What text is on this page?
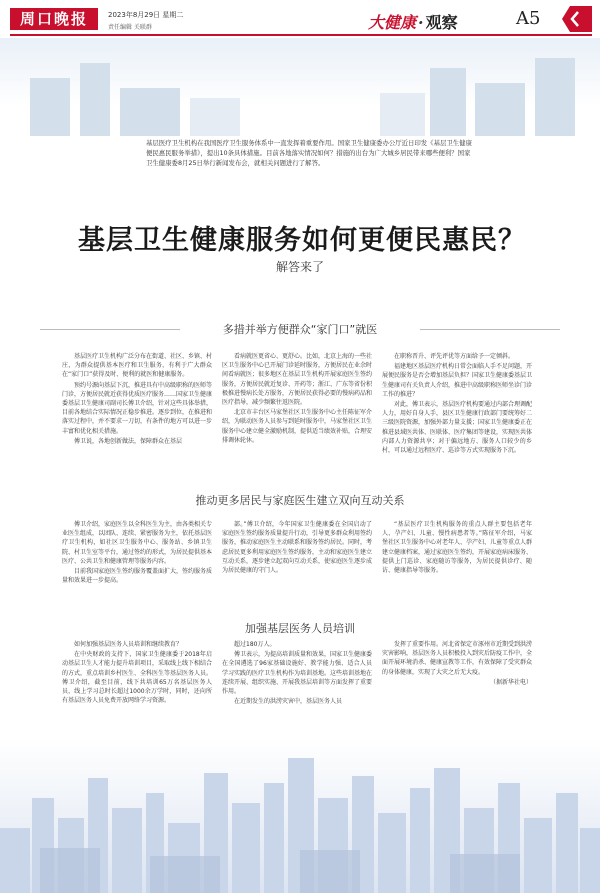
周口晚报	2023年8月29日 星期二
责任编辑 关联群	大健康 · 观察	A5
基层医疗卫生机构在我国医疗卫生服务体系中一直发挥着重要作用。国家卫生健康委办公厅近日印发《基层卫生健康便民惠民服务举措》，提出10条具体措施。目前各地落实情况如何？措施的出台为广大城乡居民带来哪些便利？国家卫生健康委8月25日举行新闻发布会，就相关问题进行了解答。
基层卫生健康服务如何更便民惠民？
解答来了
多措并举方便群众“家门口”就医

基层医疗卫生机构广泛分布在街道、社区、乡镇、村庄，为群众提供基本医疗和卫生服务，有利于广大群众在“家门口”获得及时、便利的就医和健康服务。

预约号源向基层下沉，推进具有中高级职称的医师等门诊，方便居民就近获得优质医疗服务……国家卫生健康委基层卫生健康司副司长傅卫介绍，针对这些具体举措，目前各地结合实际情况正稳步推进。逐步到位，在推进和落实过程中，并不要求一刀切，有条件的地方可以进一步丰富和优化相关措施。

傅卫说，各地创新做法，保障群众在基层

看病就医更省心、更舒心。比如，北京上海的一些社区卫生服务中心已开展门诊延时服务，方便居民在业余时间看病就医；很多地区在基层卫生机构开展家庭医生签约服务，方便居民就近复诊、开药等；浙江、广东等省份积极推进慢病长处方服务，方便居民获得必要的慢病药品和医疗指导，减少频繁往返医院。

北京市丰台区马家堡社区卫生服务中心主任陈征军介绍，为联动医务人员参与到延时服务中，马家堡社区卫生服务中心建立健全激励机制，提供适当绩效补贴，合理安排调休轮休。

在职称晋升、评先评优等方面给予一定倾斜。

福建地区基层医疗机构日常会面临人手不足问题，开展便民服务是否会增加基层负担？国家卫生健康委基层卫生健康司有关负责人介绍，推进中高级职称医师坐诊门诊工作的推进？

对此，傅卫表示，基层医疗机构要通过内部合理调配人力，用好自身人手，县区卫生健康行政部门要统筹好二三级医院资源，加强外部力量支援；国家卫生健康委正在推进县域医共体、医联体、医疗集团等建设，实现医共体内部人力资源共享；对于偏远地方、服务人口较少的乡村，可以通过远程医疗、巡诊等方式实现服务下沉。

推动更多居民与家庭医生建立双向互动关系

傅卫介绍，家庭医生以全科医生为主，由各类相关专业医生组成，以团队、连续、紧密服务为主，依托基层医疗卫生机构，如社区卫生服务中心、服务站、乡镇卫生院、村卫生室等平台，通过签约的形式，为居民提供基本医疗、公共卫生和健康管理等服务内容。

目前我国家庭医生签约服务覆盖面扩大，签约服务质量和效果进一步提高。

部。”傅卫介绍，今年国家卫生健康委在全国启动了家庭医生签约服务质量提升行动，引导更多群众利用签约服务，推动家庭医生主动联系和服务签约居民。同时，考虑居民更多利用家庭医生签约服务，主动和家庭医生建立互动关系，逐步建立起双向互动关系，使家庭医生逐步成为居民健康的守门人。

“基层医疗卫生机构服务的重点人群主要包括老年人、孕产妇、儿童、慢性病患者等。”陈征军介绍，马家堡社区卫生服务中心对老年人、孕产妇、儿童等重点人群建立健康档案，通过家庭医生签约，开展家庭病床服务、提供上门巡诊、家庭随访等服务，为居民提供诊疗、随访、健康指导等服务。

加强基层医务人员培训

如何加强基层医务人员培训和继续教育？

在中央财政的支持下，国家卫生健康委于2018年启动基层卫生人才能力提升培训项目，采取线上线下相结合的方式，重点培训乡村医生、全科医生等基层医务人员。傅卫介绍，截至目前，线下共培训65万名基层医务人员，线上学习总时长超过1000余万学时，同时，还向所有基层医务人员免费开放网络学习资源。

超过180万人。

傅卫表示，为提高培训质量和效果，国家卫生健康委在全国遴选了96家基础设施好、教学能力强、适合人员学习实践的医疗卫生机构作为培训基地。这些培训基地在连续开展、组织实施、开展我基层培训等方面发挥了重要作用。

在近期发生的洪涝灾害中，基层医务人员

发挥了重要作用。河北省保定市涿州市近期受到洪涝灾害影响，基层医务人员积极投入到灾后防疫工作中，全面开展环境消杀、健康宣教等工作，有效保障了受灾群众的身体健康，实现了大灾之后无大疫。

（据新华社电）
